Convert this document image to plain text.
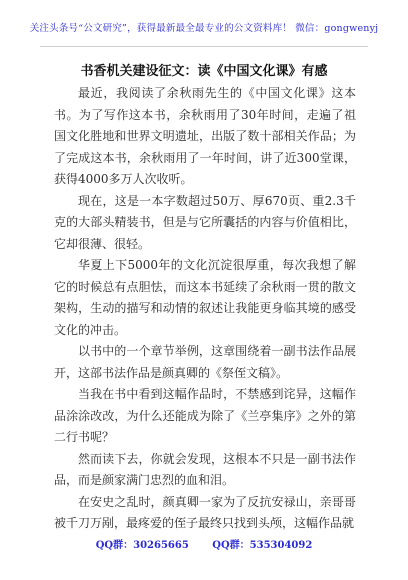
关注头条号“公文研究”，获得最新最全最专业的公文资料库！ 微信：gongwenyj
书香机关建设征文：读《中国文化课》有感

最近，我阅读了余秋雨先生的《中国文化课》这本书。为了写作这本书，余秋雨用了30年时间，走遍了祖国文化胜地和世界文明遗址，出版了数十部相关作品；为了完成这本书，余秋雨用了一年时间，讲了近300堂课，获得4000多万人次收听。

现在，这是一本字数超过50万、厚670页、重2.3千克的大部头精装书，但是与它所囊括的内容与价值相比，它却很薄、很轻。

华夏上下5000年的文化沉淀很厚重，每次我想了解它的时候总有点胆怯，而这本书延续了余秋雨一贯的散文架构，生动的描写和动情的叙述让我能更身临其境的感受文化的冲击。

以书中的一个章节举例，这章围绕着一副书法作品展开，这部书法作品是颜真卿的《祭侄文稿》。

当我在书中看到这幅作品时，不禁感到诧异，这幅作品涂涂改改，为什么还能成为除了《兰亭集序》之外的第二行书呢？

然而读下去，你就会发现，这根本不只是一副书法作品，而是颜家满门忠烈的血和泪。

在安史之乱时，颜真卿一家为了反抗安禄山，亲哥哥被千刀万剐，最疼爱的侄子最终只找到头颅，这幅作品就

QQ群：30265665 QQ群：535304092
